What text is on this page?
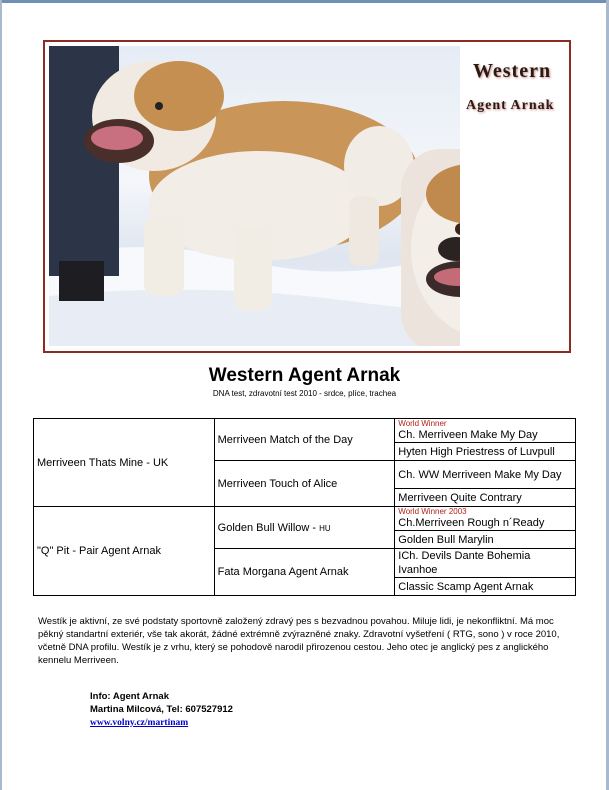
Western
Agent Arnak
Western Agent Arnak
DNA test, zdravotní test 2010 - srdce, plíce, trachea
Merriveen Thats Mine - UK	Merriveen Match of the Day	World Winner
Ch. Merriveen Make My Day
		Hyten High Priestress of Luvpull
	Merriveen Touch of Alice	Ch. WW Merriveen Make My Day
		Merriveen Quite Contrary
"Q" Pit - Pair Agent Arnak	Golden Bull Willow - HU	World Winner 2003
Ch.Merriveen Rough n´Ready
		Golden Bull Marylin
	Fata Morgana Agent Arnak	ICh. Devils Dante Bohemia Ivanhoe
		Classic Scamp Agent Arnak
Westík je aktivní, ze své podstaty sportovně založený zdravý pes s bezvadnou povahou. Miluje lidi, je nekonfliktní. Má moc pěkný standartní exteriér, vše tak akorát, žádné extrémně zvýrazněné znaky. Zdravotní vyšetření ( RTG, sono ) v roce 2010, včetně DNA profilu. Westík je z vrhu, který se pohodově narodil přirozenou cestou. Jeho otec je anglický pes z anglického kennelu Merriveen.
Info: Agent Arnak
Martina Milcová, Tel: 607527912
www.volny.cz/martinam
